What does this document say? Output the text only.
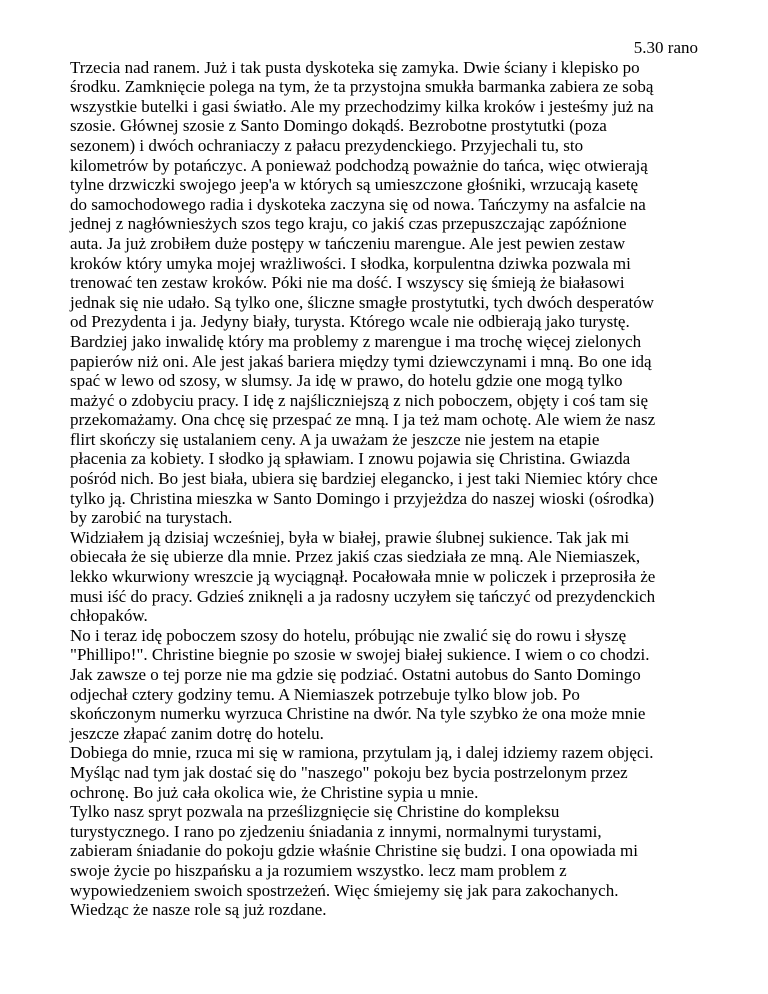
5.30 rano
Trzecia nad ranem. Już i tak pusta dyskoteka się zamyka. Dwie ściany i klepisko po
środku. Zamknięcie polega na tym, że ta przystojna smukła barmanka zabiera ze sobą
wszystkie butelki i gasi światło. Ale my przechodzimy kilka kroków i jesteśmy już na
szosie. Głównej szosie z Santo Domingo dokądś. Bezrobotne prostytutki (poza
sezonem) i dwóch ochraniaczy z pałacu prezydenckiego. Przyjechali tu, sto
kilometrów by potańczyc. A ponieważ podchodzą poważnie do tańca, więc otwierają
tylne drzwiczki swojego jeep'a w których są umieszczone głośniki, wrzucają kasetę
do samochodowego radia i dyskoteka zaczyna się od nowa. Tańczymy na asfalcie na
jednej z nagłówniesżych szos tego kraju, co jakiś czas przepuszczając zapóźnione
auta. Ja już zrobiłem duże postępy w tańczeniu marengue. Ale jest pewien zestaw
kroków który umyka mojej wrażliwości. I słodka, korpulentna dziwka pozwala mi
trenować ten zestaw kroków. Póki nie ma dość. I wszyscy się śmieją że białasowi
jednak się nie udało. Są tylko one, śliczne smagłe prostytutki, tych dwóch desperatów
od Prezydenta i ja. Jedyny biały, turysta. Którego wcale nie odbierają jako turystę.
Bardziej jako inwalidę który ma problemy z marengue i ma trochę więcej zielonych
papierów niż oni. Ale jest jakaś bariera między tymi dziewczynami i mną. Bo one idą
spać w lewo od szosy, w slumsy. Ja idę w prawo, do hotelu gdzie one mogą tylko
mażyć o zdobyciu pracy. I idę z najśliczniejszą z nich poboczem, objęty i coś tam się
przekomażamy. Ona chcę się przespać ze mną. I ja też mam ochotę. Ale wiem że nasz
flirt skończy się ustalaniem ceny. A ja uważam że jeszcze nie jestem na etapie
płacenia za kobiety. I słodko ją spławiam. I znowu pojawia się Christina. Gwiazda
pośród nich. Bo jest biała, ubiera się bardziej elegancko, i jest taki Niemiec który chce
tylko ją. Christina mieszka w Santo Domingo i przyjeżdza do naszej wioski (ośrodka)
by zarobić na turystach.
Widziałem ją dzisiaj wcześniej, była w białej, prawie ślubnej sukience. Tak jak mi
obiecała że się ubierze dla mnie. Przez jakiś czas siedziała ze mną. Ale Niemiaszek,
lekko wkurwiony wreszcie ją wyciągnął. Pocałowała mnie w policzek i przeprosiła że
musi iść do pracy. Gdzieś zniknęli a ja radosny uczyłem się tańczyć od prezydenckich
chłopaków.
No i teraz idę poboczem szosy do hotelu, próbując nie zwalić się do rowu i słyszę
"Phillipo!". Christine biegnie po szosie w swojej białej sukience. I wiem o co chodzi.
Jak zawsze o tej porze nie ma gdzie się podziać. Ostatni autobus do Santo Domingo
odjechał cztery godziny temu. A Niemiaszek potrzebuje tylko blow job. Po
skończonym numerku wyrzuca Christine na dwór. Na tyle szybko że ona może mnie
jeszcze złapać zanim dotrę do hotelu.
Dobiega do mnie, rzuca mi się w ramiona, przytulam ją, i dalej idziemy razem objęci.
Myśląc nad tym jak dostać się do "naszego" pokoju bez bycia postrzelonym przez
ochronę. Bo już cała okolica wie, że Christine sypia u mnie.
Tylko nasz spryt pozwala na prześlizgnięcie się Christine do kompleksu
turystycznego. I rano po zjedzeniu śniadania z innymi, normalnymi turystami,
zabieram śniadanie do pokoju gdzie właśnie Christine się budzi. I ona opowiada mi
swoje życie po hiszpańsku a ja rozumiem wszystko. lecz mam problem z
wypowiedzeniem swoich spostrzeżeń. Więc śmiejemy się jak para zakochanych.
Wiedząc że nasze role są już rozdane.
